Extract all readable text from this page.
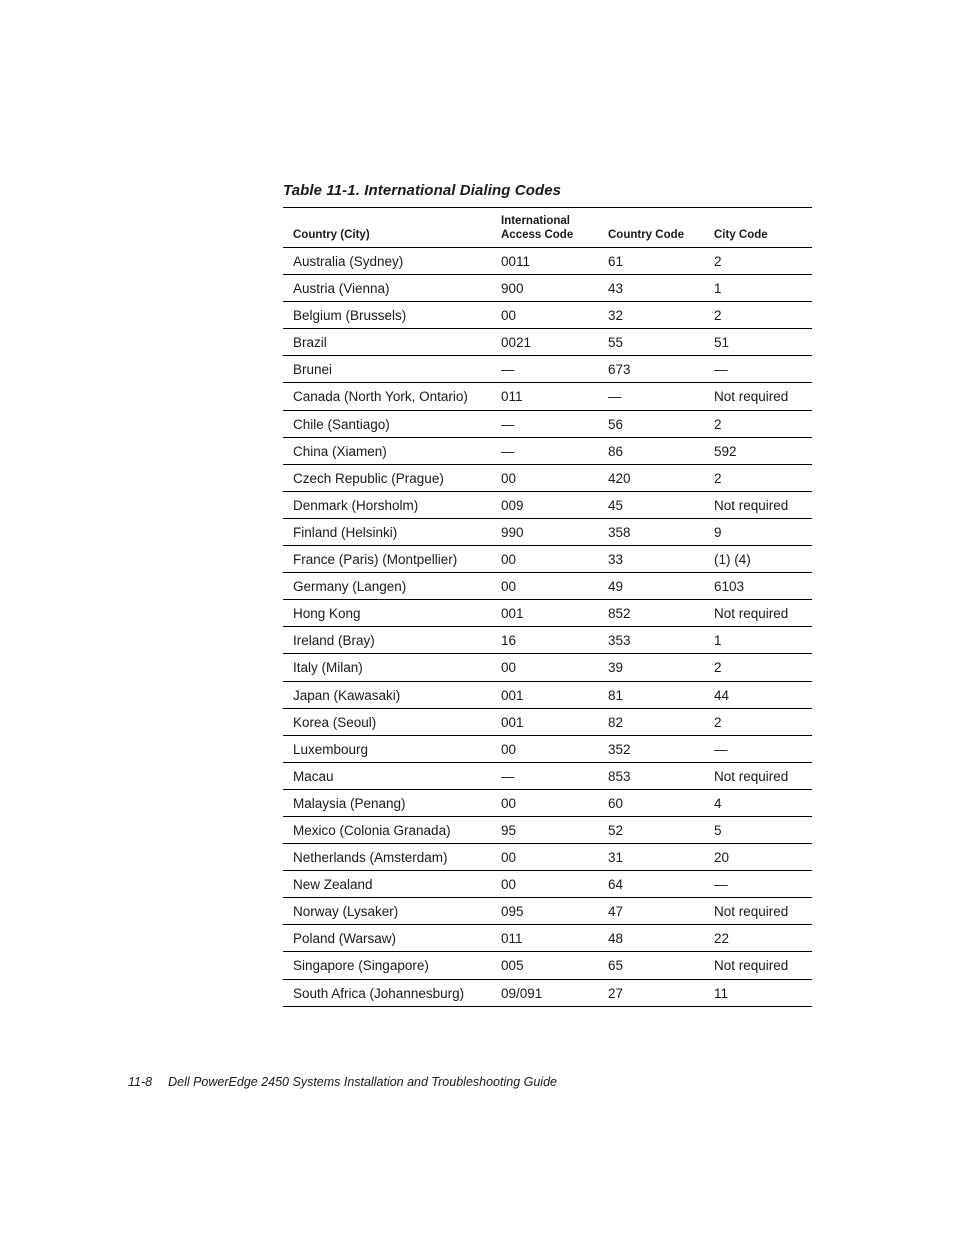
Table 11-1. International Dialing Codes
Country (City)
International
Access Code	Country Code	City Code
Australia (Sydney)	0011	61	2
Austria (Vienna)	900	43	1
Belgium (Brussels)	00	32	2
Brazil	0021	55	51
Brunei	—	673	—
Canada (North York, Ontario) 011	—	Not required
Chile (Santiago)	—	56	2
China (Xiamen)	—	86	592
Czech Republic (Prague)	00	420	2
Denmark (Horsholm)	009	45	Not required
Finland (Helsinki)	990	358	9
France (Paris) (Montpellier)	00	33	(1) (4)
Germany (Langen)	00	49	6103
Hong Kong	001	852	Not required
Ireland (Bray)	16	353	1
Italy (Milan)	00	39	2
Japan (Kawasaki)	001	81	44
Korea (Seoul)	001	82	2
Luxembourg	00	352	—
Macau	—	853	Not required
Malaysia (Penang)	00	60	4
Mexico (Colonia Granada)	95	52	5
Netherlands (Amsterdam)	00	31	20
New Zealand	00	64	—
Norway (Lysaker)	095	47	Not required
Poland (Warsaw)	011	48	22
Singapore (Singapore)	005	65	Not required
South Africa (Johannesburg)	09/091	27	11
11-8 Dell PowerEdge 2450 Systems Installation and Troubleshooting Guide
